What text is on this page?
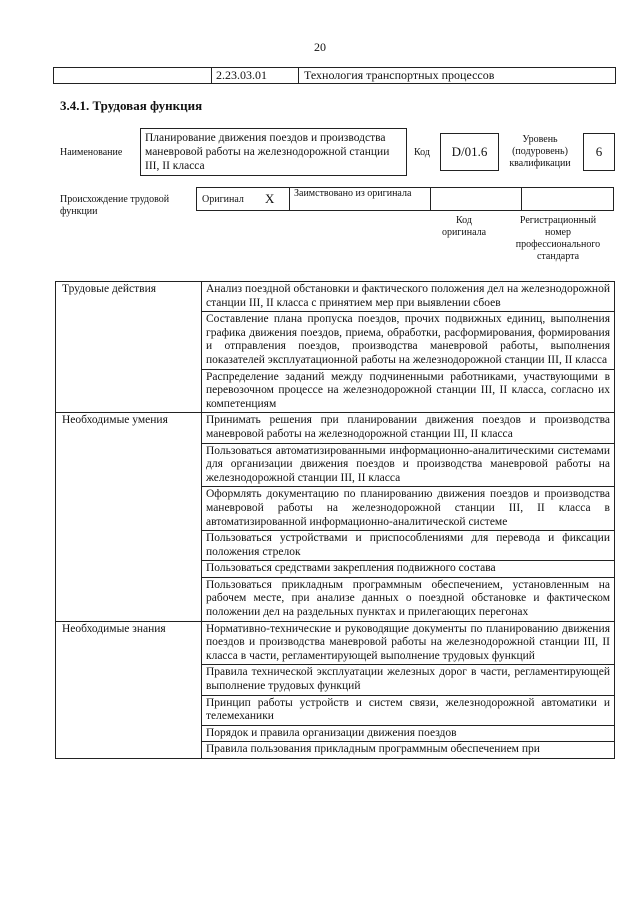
20
2.23.03.01	Технология транспортных процессов
3.4.1. Трудовая функция
Наименование
Планирование движения поездов и производства маневровой работы на железнодорожной станции III, II класса
Код	D/01.6
Уровень (подуровень) квалификации
6
Происхождение трудовой функции
Оригинал X Заимствовано из оригинала
Код оригинала
Регистрационный номер профессионального стандарта
Трудовые действия	Анализ поездной обстановки и фактического положения дел на железнодорожной станции III, II класса с принятием мер при выявлении сбоев
	Составление плана пропуска поездов, прочих подвижных единиц, выполнения графика движения поездов, приема, обработки, расформирования, формирования и отправления поездов, производства маневровой работы, выполнения показателей эксплуатационной работы на железнодорожной станции III, II класса
	Распределение заданий между подчиненными работниками, участвующими в перевозочном процессе на железнодорожной станции III, II класса, согласно их компетенциям
Необходимые умения	Принимать решения при планировании движения поездов и производства маневровой работы на железнодорожной станции III, II класса
	Пользоваться автоматизированными информационно-аналитическими системами для организации движения поездов и производства маневровой работы на железнодорожной станции III, II класса
	Оформлять документацию по планированию движения поездов и производства маневровой работы на железнодорожной станции III, II класса в автоматизированной информационно-аналитической системе
	Пользоваться устройствами и приспособлениями для перевода и фиксации положения стрелок
	Пользоваться средствами закрепления подвижного состава
	Пользоваться прикладным программным обеспечением, установленным на рабочем месте, при анализе данных о поездной обстановке и фактическом положении дел на раздельных пунктах и прилегающих перегонах
Необходимые знания	Нормативно-технические и руководящие документы по планированию движения поездов и производства маневровой работы на железнодорожной станции III, II класса в части, регламентирующей выполнение трудовых функций
	Правила технической эксплуатации железных дорог в части, регламентирующей выполнение трудовых функций
	Принцип работы устройств и систем связи, железнодорожной автоматики и телемеханики
	Порядок и правила организации движения поездов
	Правила пользования прикладным программным обеспечением при
